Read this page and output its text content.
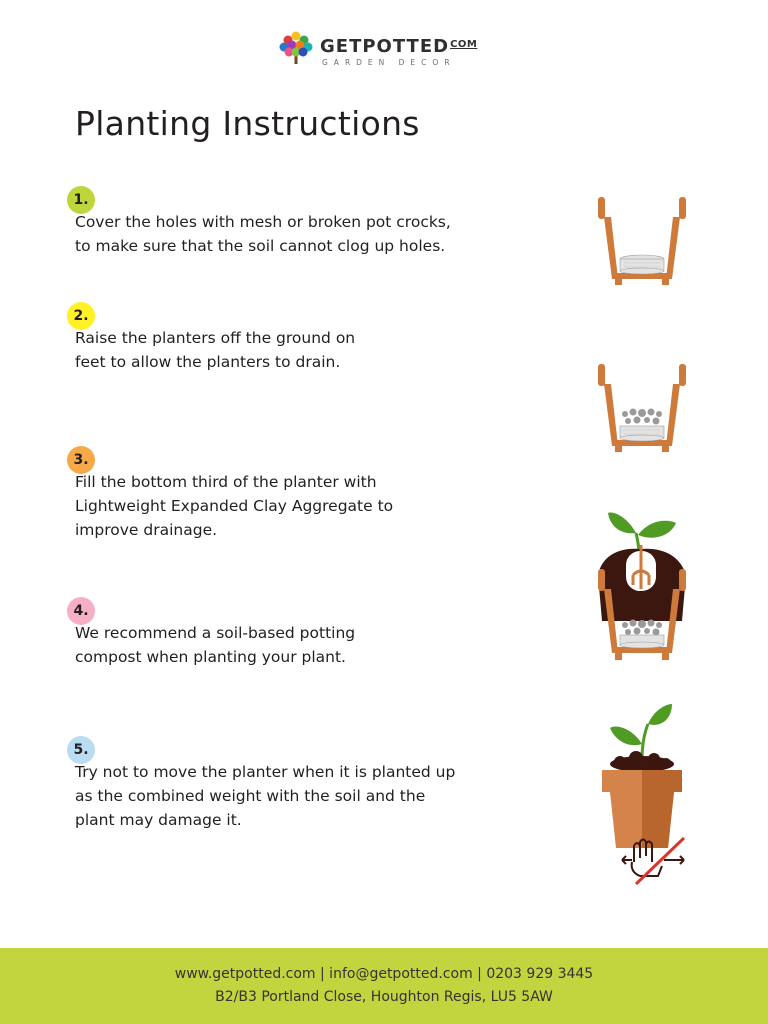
$GETPOTTED^{COM}$
GARDEN DECOR
Planting Instructions
1.
Cover the holes with mesh or broken pot crocks,
to make sure that the soil cannot clog up holes.
2.
Raise the planters off the ground on
feet to allow the planters to drain.
3.
Fill the bottom third of the planter with
Lightweight Expanded Clay Aggregate to
improve drainage.
4.
We recommend a soil-based potting
compost when planting your plant.
5.
Try not to move the planter when it is planted up
as the combined weight with the soil and the
plant may damage it.
www.getpotted.com | info@getpotted.com | 0203 929 3445
B2/B3 Portland Close, Houghton Regis, LU5 5AW
